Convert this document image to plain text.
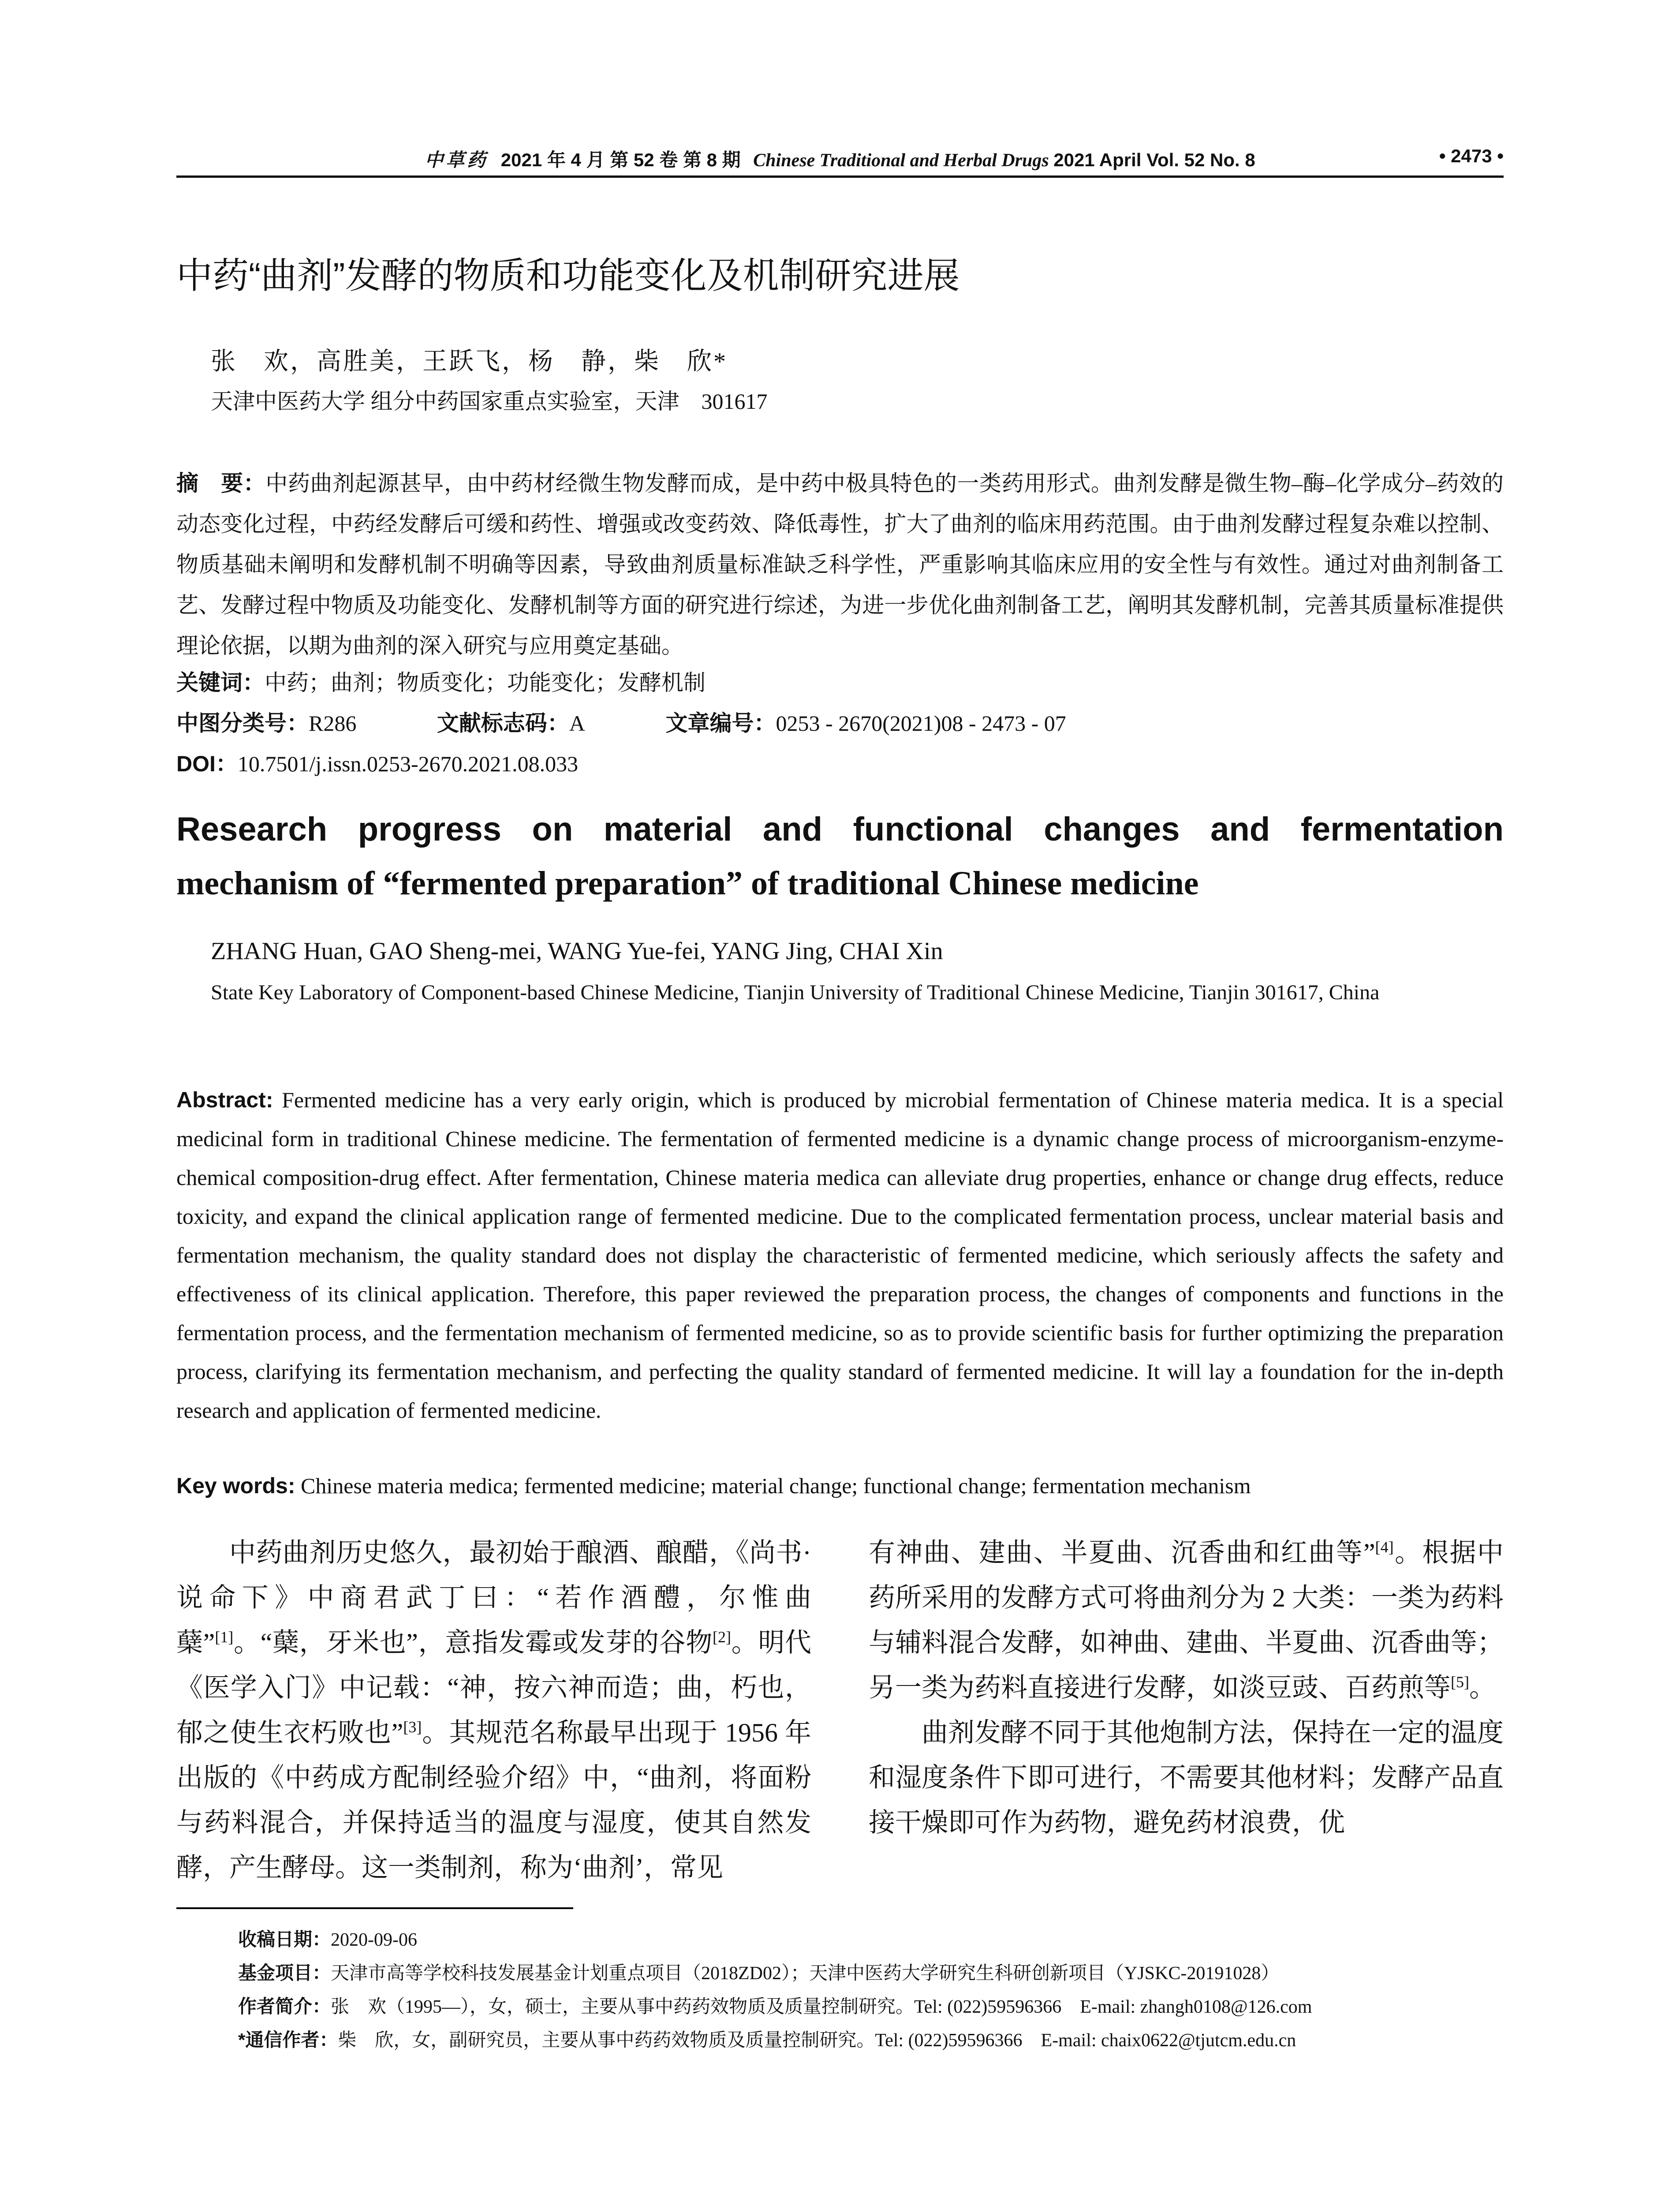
中草药 2021 年 4 月 第 52 卷 第 8 期 Chinese Traditional and Herbal Drugs 2021 April Vol. 52 No. 8	• 2473 •
中药“曲剂”发酵的物质和功能变化及机制研究进展
张　欢，高胜美，王跃飞，杨　静，柴　欣*
天津中医药大学 组分中药国家重点实验室，天津　301617
摘　要：中药曲剂起源甚早，由中药材经微生物发酵而成，是中药中极具特色的一类药用形式。曲剂发酵是微生物–酶–化学成分–药效的动态变化过程，中药经发酵后可缓和药性、增强或改变药效、降低毒性，扩大了曲剂的临床用药范围。由于曲剂发酵过程复杂难以控制、物质基础未阐明和发酵机制不明确等因素，导致曲剂质量标准缺乏科学性，严重影响其临床应用的安全性与有效性。通过对曲剂制备工艺、发酵过程中物质及功能变化、发酵机制等方面的研究进行综述，为进一步优化曲剂制备工艺，阐明其发酵机制，完善其质量标准提供理论依据，以期为曲剂的深入研究与应用奠定基础。
关键词：中药；曲剂；物质变化；功能变化；发酵机制
中图分类号：R286	文献标志码：A	文章编号：0253 - 2670(2021)08 - 2473 - 07
DOI：10.7501/j.issn.0253-2670.2021.08.033
Research progress on material and functional changes and fermentation
mechanism of “fermented preparation” of traditional Chinese medicine
ZHANG Huan, GAO Sheng-mei, WANG Yue-fei, YANG Jing, CHAI Xin
State Key Laboratory of Component-based Chinese Medicine, Tianjin University of Traditional Chinese Medicine, Tianjin 301617, China
Abstract: Fermented medicine has a very early origin, which is produced by microbial fermentation of Chinese materia medica. It is a special medicinal form in traditional Chinese medicine. The fermentation of fermented medicine is a dynamic change process of microorganism-enzyme-chemical composition-drug effect. After fermentation, Chinese materia medica can alleviate drug properties, enhance or change drug effects, reduce toxicity, and expand the clinical application range of fermented medicine. Due to the complicated fermentation process, unclear material basis and fermentation mechanism, the quality standard does not display the characteristic of fermented medicine, which seriously affects the safety and effectiveness of its clinical application. Therefore, this paper reviewed the preparation process, the changes of components and functions in the fermentation process, and the fermentation mechanism of fermented medicine, so as to provide scientific basis for further optimizing the preparation process, clarifying its fermentation mechanism, and perfecting the quality standard of fermented medicine. It will lay a foundation for the in-depth research and application of fermented medicine.
Key words: Chinese materia medica; fermented medicine; material change; functional change; fermentation mechanism

中药曲剂历史悠久，最初始于酿酒、酿醋，《尚书·说命下》中商君武丁曰：“若作酒醴，尔惟曲蘖”[1]。“蘖，牙米也”，意指发霉或发芽的谷物[2]。明代《医学入门》中记载：“神，按六神而造；曲，朽也，郁之使生衣朽败也”[3]。其规范名称最早出现于 1956 年出版的《中药成方配制经验介绍》中，“曲剂，将面粉与药料混合，并保持适当的温度与湿度，使其自然发酵，产生酵母。这一类制剂，称为‘曲剂’，常见

有神曲、建曲、半夏曲、沉香曲和红曲等”[4]。根据中药所采用的发酵方式可将曲剂分为 2 大类：一类为药料与辅料混合发酵，如神曲、建曲、半夏曲、沉香曲等；另一类为药料直接进行发酵，如淡豆豉、百药煎等[5]。

曲剂发酵不同于其他炮制方法，保持在一定的温度和湿度条件下即可进行，不需要其他材料；发酵产品直接干燥即可作为药物，避免药材浪费，优

收稿日期：2020-09-06
基金项目：天津市高等学校科技发展基金计划重点项目（2018ZD02）；天津中医药大学研究生科研创新项目（YJSKC-20191028）
作者简介：张　欢（1995—），女，硕士，主要从事中药药效物质及质量控制研究。Tel: (022)59596366　E-mail: zhangh0108@126.com
*通信作者：柴　欣，女，副研究员，主要从事中药药效物质及质量控制研究。Tel: (022)59596366　E-mail: chaix0622@tjutcm.edu.cn
